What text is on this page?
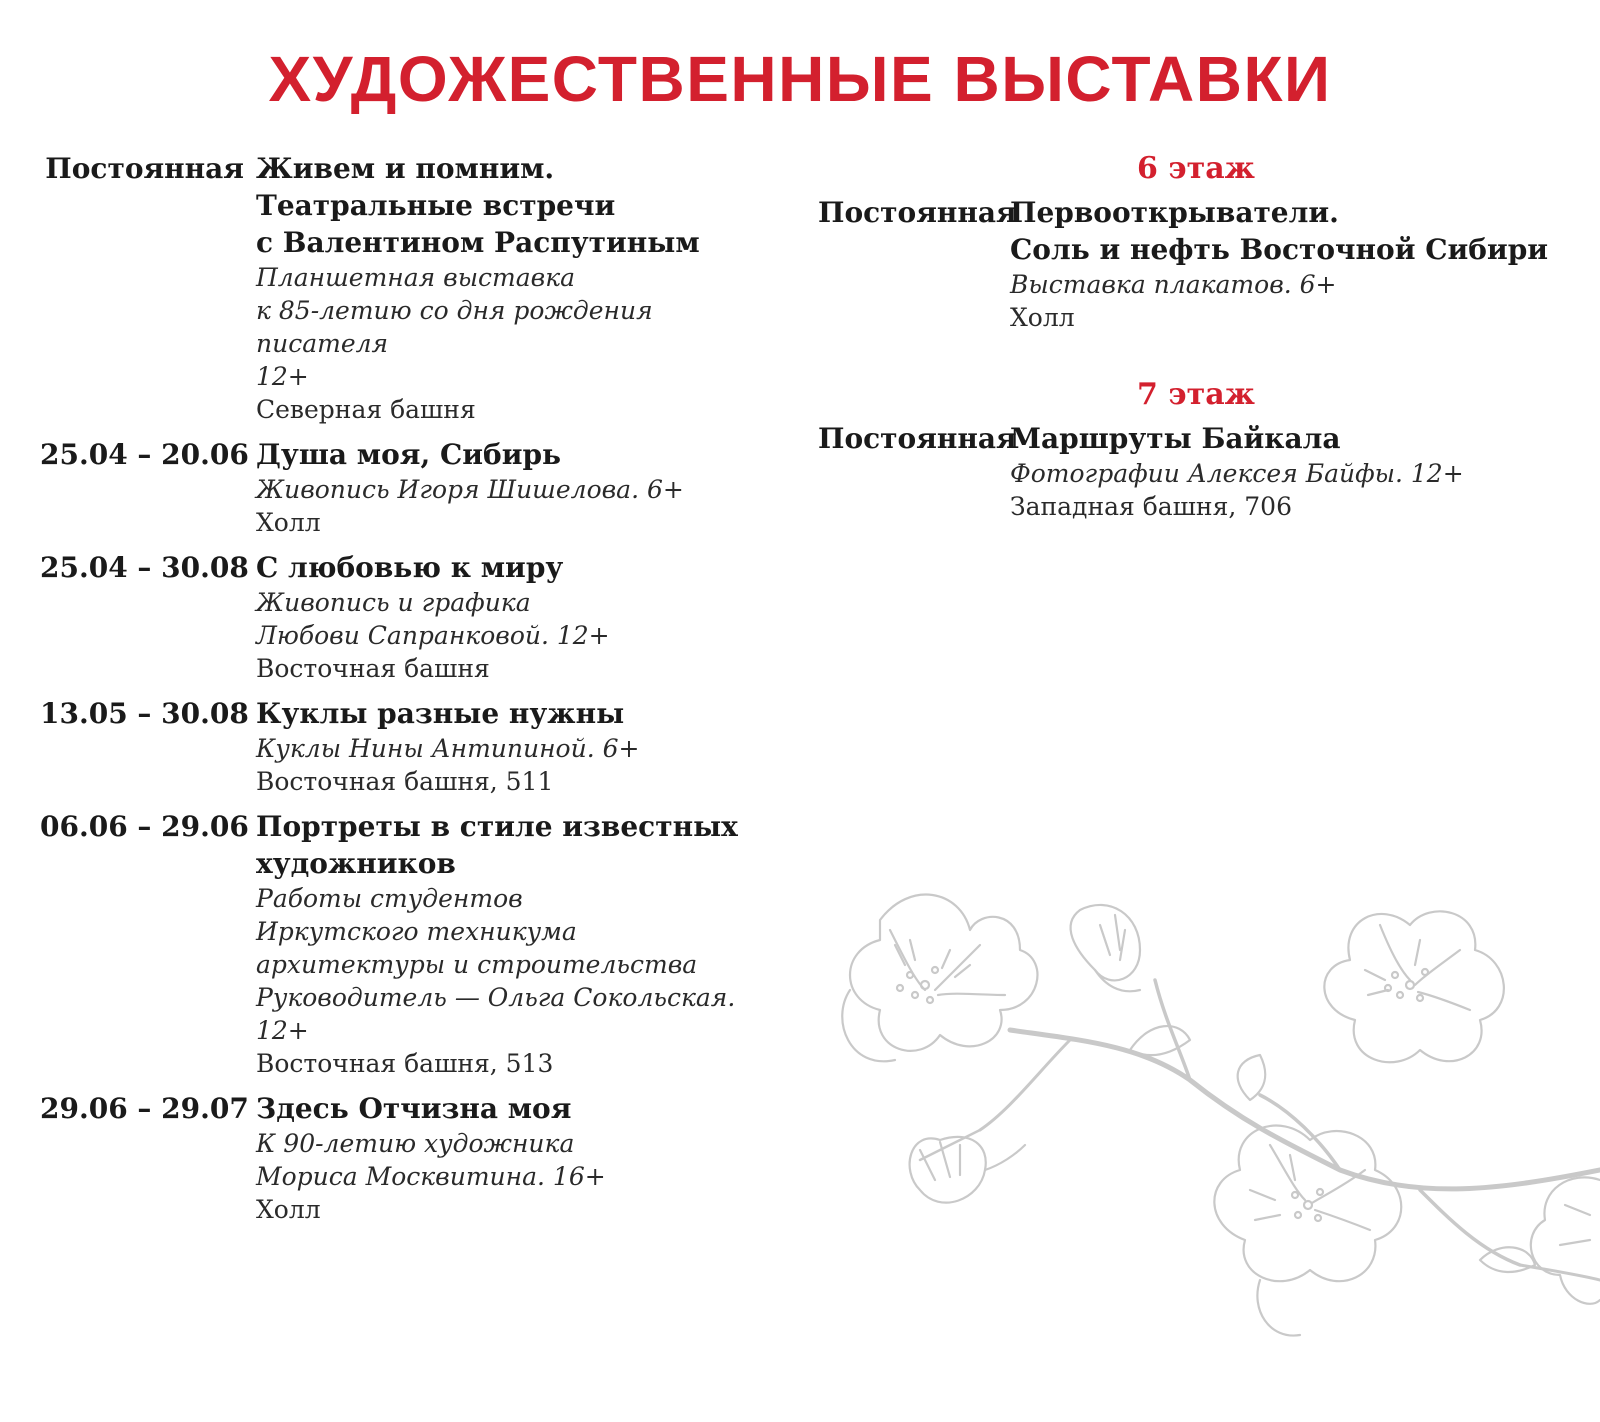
ХУДОЖЕСТВЕННЫЕ ВЫСТАВКИ
Постоянная Живем и помним.
Театральные встречи
с Валентином Распутиным
Планшетная выставка
к 85-летию со дня рождения писателя
12+
Северная башня
25.04 – 20.06 Душа моя, Сибирь
Живопись Игоря Шишелова. 6+
Холл
25.04 – 30.08 С любовью к миру
Живопись и графика
Любови Сапранковой. 12+
Восточная башня
13.05 – 30.08 Куклы разные нужны
Куклы Нины Антипиной. 6+
Восточная башня, 511
06.06 – 29.06 Портреты в стиле известных
художников
Работы студентов
Иркутского техникума
архитектуры и строительства
Руководитель — Ольга Сокольская. 12+
Восточная башня, 513
29.06 – 29.07 Здесь Отчизна моя
К 90-летию художника
Мориса Москвитина. 16+
Холл
6 этаж
Постоянная
Первооткрыватели.
Соль и нефть Восточной Сибири
Выставка плакатов. 6+
Холл
7 этаж
Постоянная
Маршруты Байкала
Фотографии Алексея Байфы. 12+
Западная башня, 706
